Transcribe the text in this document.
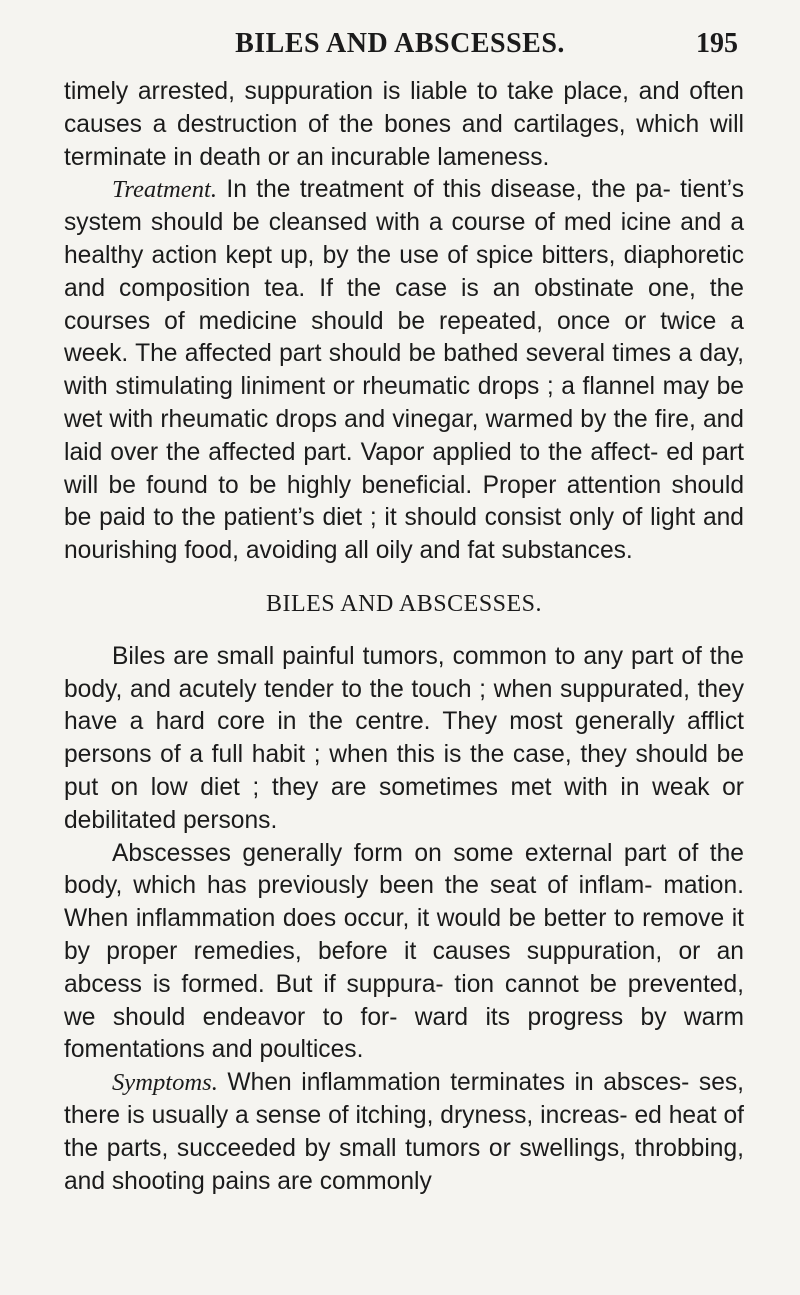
BILES AND ABSCESSES.	195

timely arrested, suppuration is liable to take place, and often causes a destruction of the bones and cartilages, which will terminate in death or an incurable lameness.

Treatment. In the treatment of this disease, the pa- tient’s system should be cleansed with a course of med icine and a healthy action kept up, by the use of spice bitters, diaphoretic and composition tea. If the case is an obstinate one, the courses of medicine should be repeated, once or twice a week. The affected part should be bathed several times a day, with stimulating liniment or rheumatic drops ; a flannel may be wet with rheumatic drops and vinegar, warmed by the fire, and laid over the affected part. Vapor applied to the affect- ed part will be found to be highly beneficial. Proper attention should be paid to the patient’s diet ; it should consist only of light and nourishing food, avoiding all oily and fat substances.

BILES AND ABSCESSES.

Biles are small painful tumors, common to any part of the body, and acutely tender to the touch ; when suppurated, they have a hard core in the centre. They most generally afflict persons of a full habit ; when this is the case, they should be put on low diet ; they are sometimes met with in weak or debilitated persons.

Abscesses generally form on some external part of the body, which has previously been the seat of inflam- mation. When inflammation does occur, it would be better to remove it by proper remedies, before it causes suppuration, or an abcess is formed. But if suppura- tion cannot be prevented, we should endeavor to for- ward its progress by warm fomentations and poultices.

Symptoms. When inflammation terminates in absces- ses, there is usually a sense of itching, dryness, increas- ed heat of the parts, succeeded by small tumors or swellings, throbbing, and shooting pains are commonly
